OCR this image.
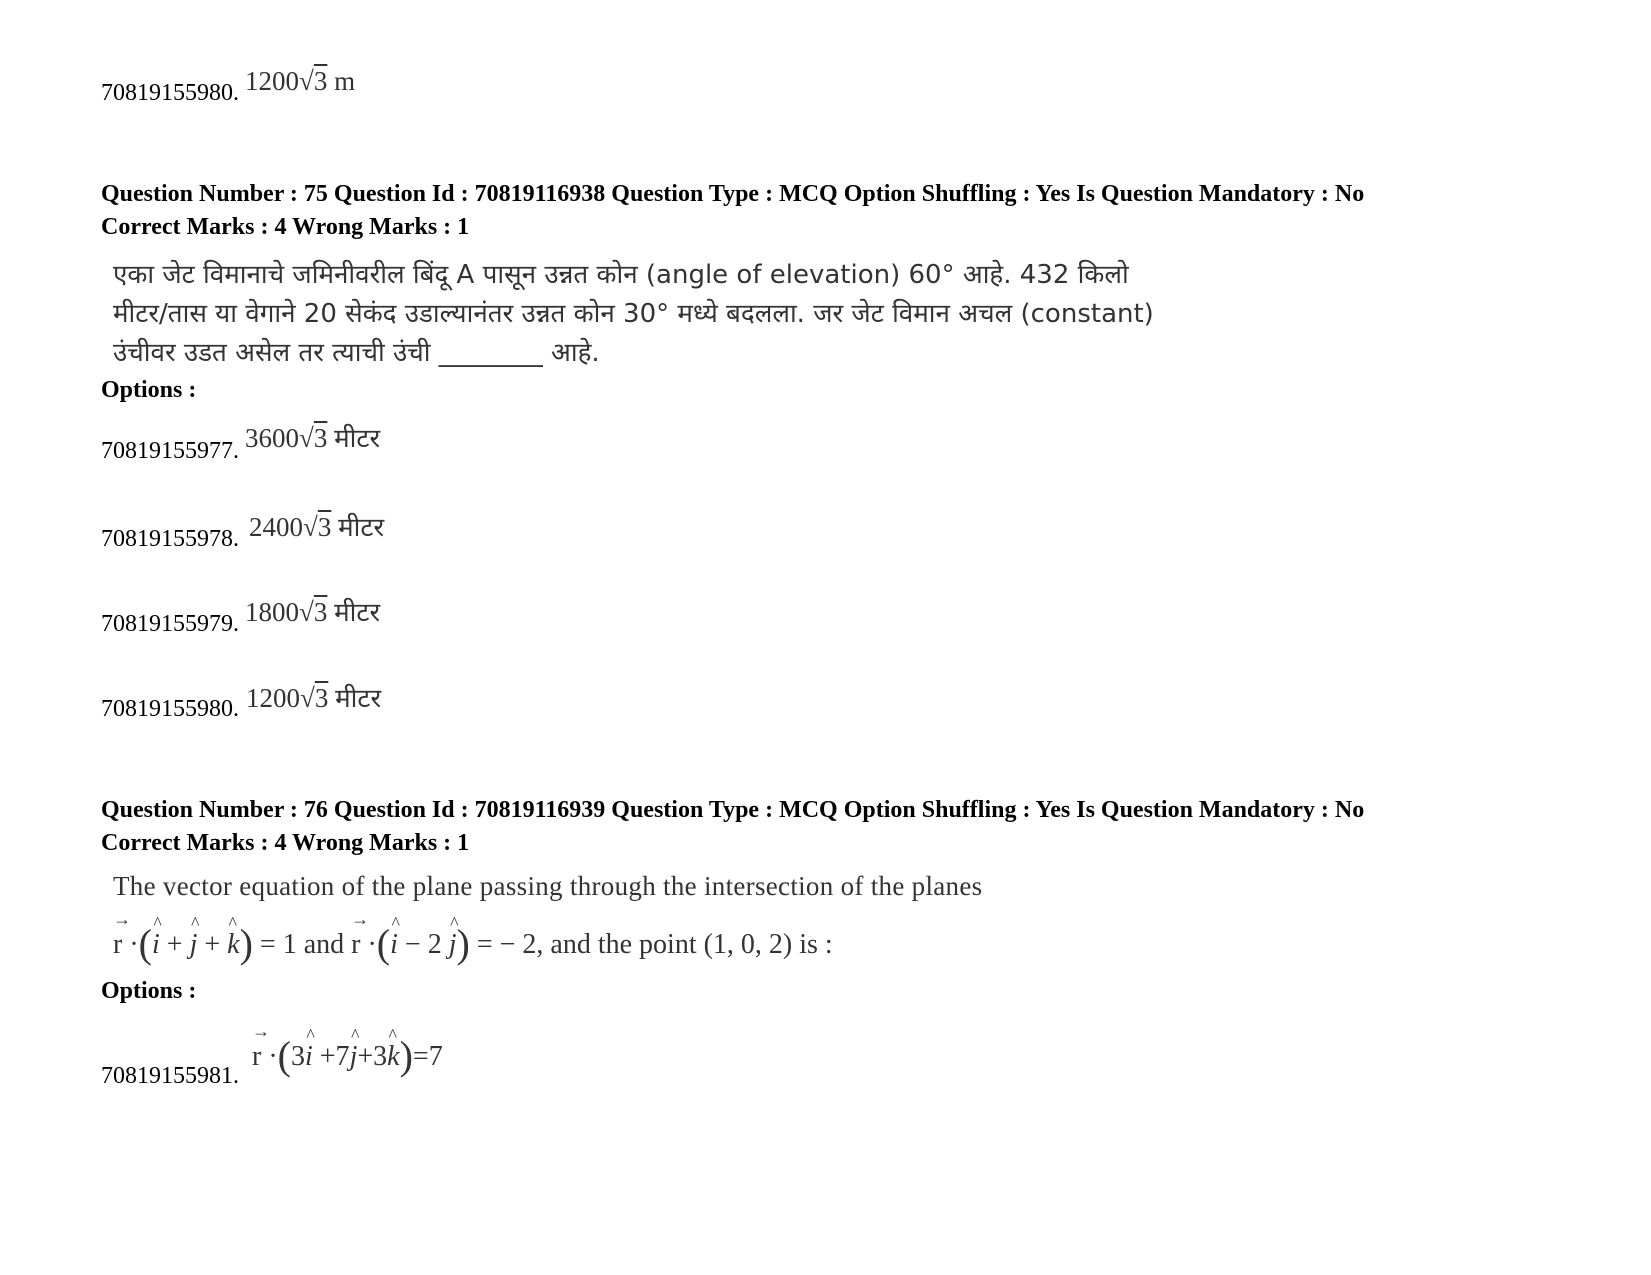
70819155980. 1200√3 m
Question Number : 75 Question Id : 70819116938 Question Type : MCQ Option Shuffling : Yes Is Question Mandatory : No
Correct Marks : 4 Wrong Marks : 1
एका जेट विमानाचे जमिनीवरील बिंदू A पासून उन्नत कोन (angle of elevation) 60° आहे. 432 किलो
मीटर/तास या वेगाने 20 सेकंद उडाल्यानंतर उन्नत कोन 30° मध्ये बदलला. जर जेट विमान अचल (constant)
उंचीवर उडत असेल तर त्याची उंची ________ आहे.
Options :
70819155977. 3600√3 मीटर
70819155978. 2400√3 मीटर
70819155979. 1800√3 मीटर
70819155980. 1200√3 मीटर
Question Number : 76 Question Id : 70819116939 Question Type : MCQ Option Shuffling : Yes Is Question Mandatory : No
Correct Marks : 4 Wrong Marks : 1
The vector equation of the plane passing through the intersection of the planes
→ r ·(^ i + ^ j + ^ k) = 1 and → r ·(^ i − 2 ^ j) = − 2, and the point (1, 0, 2) is :
Options :
70819155981.
→ r ·(3^ i +7^ j+3^ k)=7
